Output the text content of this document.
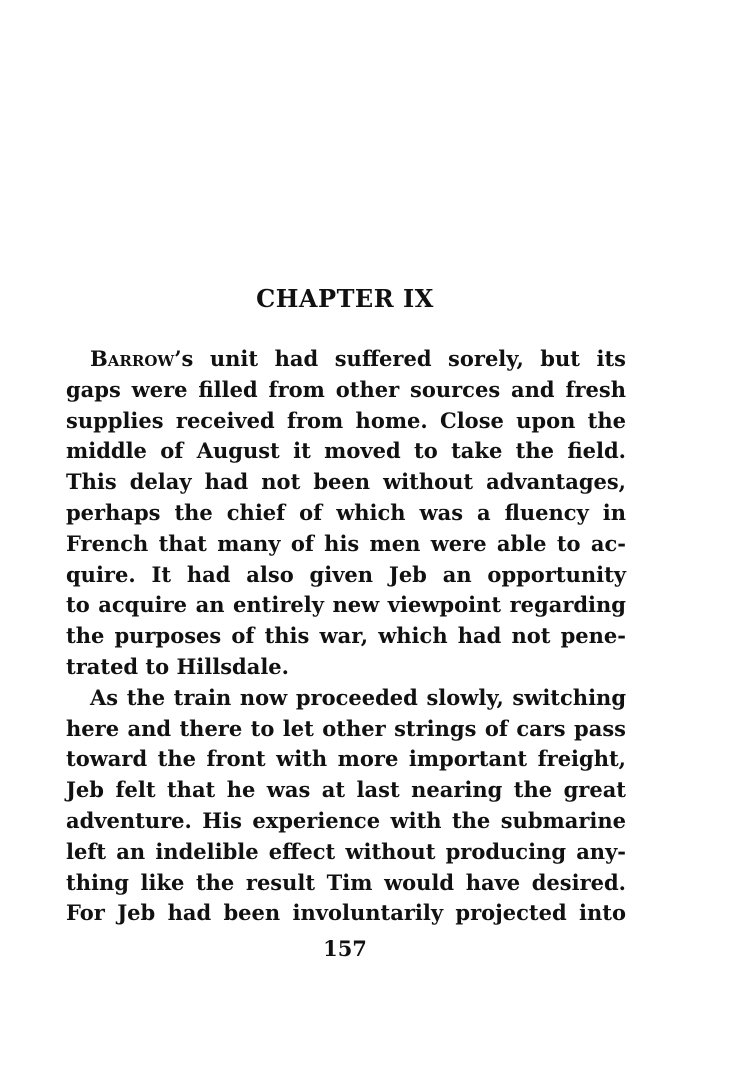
CHAPTER IX
Barrow’s unit had suffered sorely, but its
gaps were filled from other sources and fresh
supplies received from home. Close upon the
middle of August it moved to take the field.
This delay had not been without advantages,
perhaps the chief of which was a fluency in
French that many of his men were able to ac-
quire. It had also given Jeb an opportunity
to acquire an entirely new viewpoint regarding
the purposes of this war, which had not pene-
trated to Hillsdale.
As the train now proceeded slowly, switching
here and there to let other strings of cars pass
toward the front with more important freight,
Jeb felt that he was at last nearing the great
adventure. His experience with the submarine
left an indelible effect without producing any-
thing like the result Tim would have desired.
For Jeb had been involuntarily projected into
157
